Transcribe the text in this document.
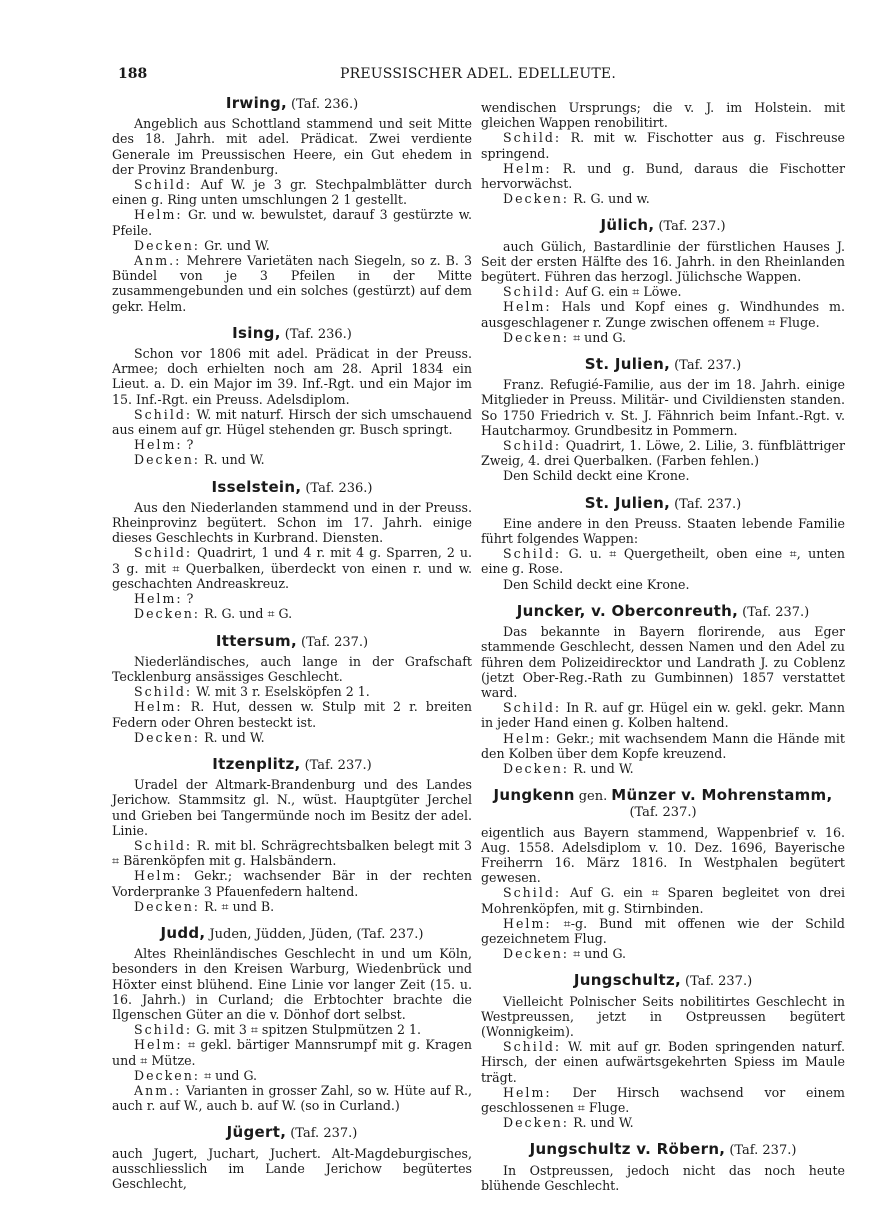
188	PREUSSISCHER ADEL. EDELLEUTE.
Irwing, (Taf. 236.)

Angeblich aus Schottland stammend und seit Mitte des 18. Jahrh. mit adel. Prädicat. Zwei verdiente Generale im Preussischen Heere, ein Gut ehedem in der Provinz Brandenburg.

Schild: Auf W. je 3 gr. Stechpalmblätter durch einen g. Ring unten umschlungen 2 1 gestellt.

Helm: Gr. und w. bewulstet, darauf 3 gestürzte w. Pfeile.

Decken: Gr. und W.

Anm.: Mehrere Varietäten nach Siegeln, so z. B. 3 Bündel von je 3 Pfeilen in der Mitte zusammengebunden und ein solches (gestürzt) auf dem gekr. Helm.

Ising, (Taf. 236.)

Schon vor 1806 mit adel. Prädicat in der Preuss. Armee; doch erhielten noch am 28. April 1834 ein Lieut. a. D. ein Major im 39. Inf.-Rgt. und ein Major im 15. Inf.-Rgt. ein Preuss. Adelsdiplom.

Schild: W. mit naturf. Hirsch der sich umschauend aus einem auf gr. Hügel stehenden gr. Busch springt.

Helm: ?

Decken: R. und W.

Isselstein, (Taf. 236.)

Aus den Niederlanden stammend und in der Preuss. Rheinprovinz begütert. Schon im 17. Jahrh. einige dieses Geschlechts in Kurbrand. Diensten.

Schild: Quadrirt, 1 und 4 r. mit 4 g. Sparren, 2 u. 3 g. mit ⌗ Querbalken, überdeckt von einen r. und w. geschachten Andreaskreuz.

Helm: ?

Decken: R. G. und ⌗ G.

Ittersum, (Taf. 237.)

Niederländisches, auch lange in der Grafschaft Tecklenburg ansässiges Geschlecht.

Schild: W. mit 3 r. Eselsköpfen 2 1.

Helm: R. Hut, dessen w. Stulp mit 2 r. breiten Federn oder Ohren besteckt ist.

Decken: R. und W.

Itzenplitz, (Taf. 237.)

Uradel der Altmark-Brandenburg und des Landes Jerichow. Stammsitz gl. N., wüst. Hauptgüter Jerchel und Grieben bei Tangermünde noch im Besitz der adel. Linie.

Schild: R. mit bl. Schrägrechtsbalken belegt mit 3 ⌗ Bärenköpfen mit g. Halsbändern.

Helm: Gekr.; wachsender Bär in der rechten Vorderpranke 3 Pfauenfedern haltend.

Decken: R. ⌗ und B.

Judd, Juden, Jüdden, Jüden, (Taf. 237.)

Altes Rheinländisches Geschlecht in und um Köln, besonders in den Kreisen Warburg, Wiedenbrück und Höxter einst blühend. Eine Linie vor langer Zeit (15. u. 16. Jahrh.) in Curland; die Erbtochter brachte die Ilgenschen Güter an die v. Dönhof dort selbst.

Schild: G. mit 3 ⌗ spitzen Stulpmützen 2 1.

Helm: ⌗ gekl. bärtiger Mannsrumpf mit g. Kragen und ⌗ Mütze.

Decken: ⌗ und G.

Anm.: Varianten in grosser Zahl, so w. Hüte auf R., auch r. auf W., auch b. auf W. (so in Curland.)

Jügert, (Taf. 237.)

auch Jugert, Juchart, Juchert. Alt-Magdeburgisches, ausschliesslich im Lande Jerichow begütertes Geschlecht,

wendischen Ursprungs; die v. J. im Holstein. mit gleichen Wappen renobilitirt.

Schild: R. mit w. Fischotter aus g. Fischreuse springend.

Helm: R. und g. Bund, daraus die Fischotter hervorwächst.

Decken: R. G. und w.

Jülich, (Taf. 237.)

auch Gülich, Bastardlinie der fürstlichen Hauses J. Seit der ersten Hälfte des 16. Jahrh. in den Rheinlanden begütert. Führen das herzogl. Jülichsche Wappen.

Schild: Auf G. ein ⌗ Löwe.

Helm: Hals und Kopf eines g. Windhundes m. ausgeschlagener r. Zunge zwischen offenem ⌗ Fluge.

Decken: ⌗ und G.

St. Julien, (Taf. 237.)

Franz. Refugié-Familie, aus der im 18. Jahrh. einige Mitglieder in Preuss. Militär- und Civildiensten standen. So 1750 Friedrich v. St. J. Fähnrich beim Infant.-Rgt. v. Hautcharmoy. Grundbesitz in Pommern.

Schild: Quadrirt, 1. Löwe, 2. Lilie, 3. fünfblättriger Zweig, 4. drei Querbalken. (Farben fehlen.)

Den Schild deckt eine Krone.

St. Julien, (Taf. 237.)

Eine andere in den Preuss. Staaten lebende Familie führt folgendes Wappen:

Schild: G. u. ⌗ Quergetheilt, oben eine ⌗, unten eine g. Rose.

Den Schild deckt eine Krone.

Juncker, v. Oberconreuth, (Taf. 237.)

Das bekannte in Bayern florirende, aus Eger stammende Geschlecht, dessen Namen und den Adel zu führen dem Polizeidirecktor und Landrath J. zu Coblenz (jetzt Ober-Reg.-Rath zu Gumbinnen) 1857 verstattet ward.

Schild: In R. auf gr. Hügel ein w. gekl. gekr. Mann in jeder Hand einen g. Kolben haltend.

Helm: Gekr.; mit wachsendem Mann die Hände mit den Kolben über dem Kopfe kreuzend.

Decken: R. und W.

Jungkenn gen. Münzer v. Mohrenstamm,
(Taf. 237.)

eigentlich aus Bayern stammend, Wappenbrief v. 16. Aug. 1558. Adelsdiplom v. 10. Dez. 1696, Bayerische Freiherrn 16. März 1816. In Westphalen begütert gewesen.

Schild: Auf G. ein ⌗ Sparen begleitet von drei Mohrenköpfen, mit g. Stirnbinden.

Helm: ⌗-g. Bund mit offenen wie der Schild gezeichnetem Flug.

Decken: ⌗ und G.

Jungschultz, (Taf. 237.)

Vielleicht Polnischer Seits nobilitirtes Geschlecht in Westpreussen, jetzt in Ostpreussen begütert (Wonnigkeim).

Schild: W. mit auf gr. Boden springenden naturf. Hirsch, der einen aufwärtsgekehrten Spiess im Maule trägt.

Helm: Der Hirsch wachsend vor einem geschlossenen ⌗ Fluge.

Decken: R. und W.

Jungschultz v. Röbern, (Taf. 237.)

In Ostpreussen, jedoch nicht das noch heute blühende Geschlecht.
